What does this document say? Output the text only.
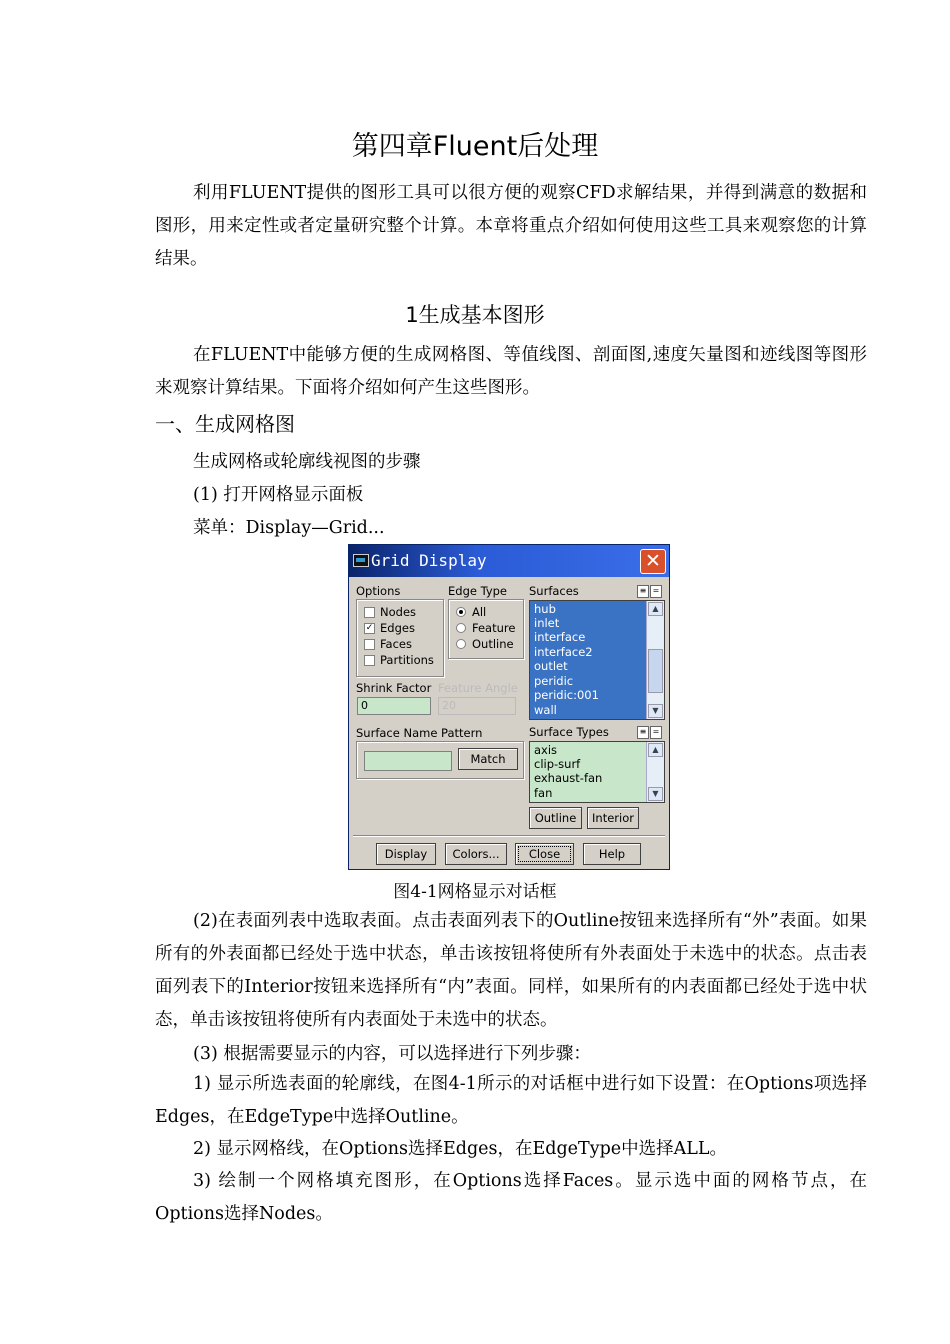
第四章Fluent后处理
利用FLUENT提供的图形工具可以很方便的观察CFD求解结果，并得到满意的数据和图形，用来定性或者定量研究整个计算。本章将重点介绍如何使用这些工具来观察您的计算结果。
1生成基本图形
在FLUENT中能够方便的生成网格图、等值线图、剖面图,速度矢量图和迹线图等图形来观察计算结果。下面将介绍如何产生这些图形。
一、生成网格图
生成网格或轮廓线视图的步骤
(1) 打开网格显示面板
菜单：Display—Grid...
Grid Display	✕
Options
Nodes
✓ Edges
Faces
Partitions
Edge Type
All
Feature
Outline
Shrink Factor
0
Feature Angle
20
Surface Name Pattern
Match
Surfaces	≡ =
hub
inlet
interface
interface2
outlet
peridic
peridic:001
wall
▲
▼
Surface Types	≡ =
axis
clip-surf
exhaust-fan
fan
▲
▼
Outline	Interior
Display	Colors...	Close	Help
图4-1网格显示对话框
(2)在表面列表中选取表面。点击表面列表下的Outline按钮来选择所有“外”表面。如果所有的外表面都已经处于选中状态，单击该按钮将使所有外表面处于未选中的状态。点击表面列表下的Interior按钮来选择所有“内”表面。同样，如果所有的内表面都已经处于选中状态，单击该按钮将使所有内表面处于未选中的状态。
(3) 根据需要显示的内容，可以选择进行下列步骤：
1) 显示所选表面的轮廓线，在图4-1所示的对话框中进行如下设置：在Options项选择Edges，在EdgeType中选择Outline。
2) 显示网格线，在Options选择Edges，在EdgeType中选择ALL。
3) 绘制一个网格填充图形，在Options选择Faces。显示选中面的网格节点，在Options选择Nodes。
